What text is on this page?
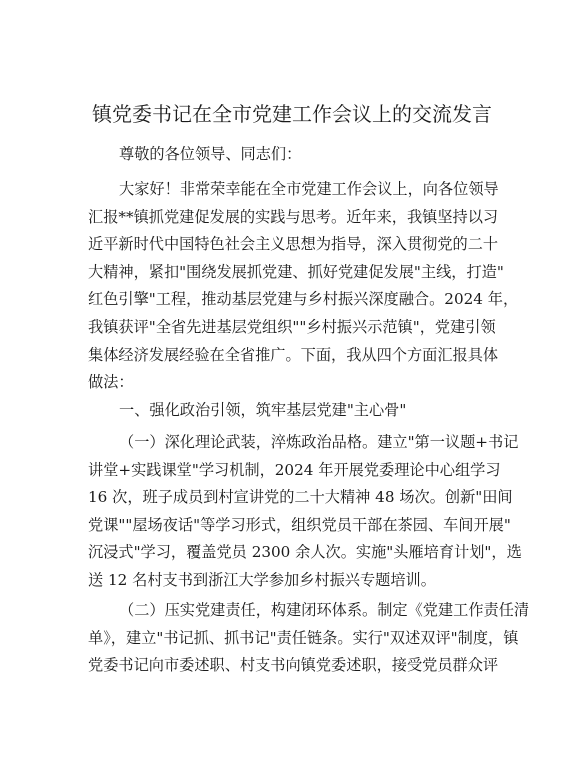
镇党委书记在全市党建工作会议上的交流发言
尊敬的各位领导、同志们：
大家好！非常荣幸能在全市党建工作会议上，向各位领导
汇报**镇抓党建促发展的实践与思考。近年来，我镇坚持以习
近平新时代中国特色社会主义思想为指导，深入贯彻党的二十
大精神，紧扣"围绕发展抓党建、抓好党建促发展"主线，打造"
红色引擎"工程，推动基层党建与乡村振兴深度融合。2024 年，
我镇获评"全省先进基层党组织""乡村振兴示范镇"，党建引领
集体经济发展经验在全省推广。下面，我从四个方面汇报具体
做法：
一、强化政治引领，筑牢基层党建"主心骨"
（一）深化理论武装，淬炼政治品格。建立"第一议题+书记
讲堂+实践课堂"学习机制，2024 年开展党委理论中心组学习
16 次，班子成员到村宣讲党的二十大精神 48 场次。创新"田间
党课""屋场夜话"等学习形式，组织党员干部在茶园、车间开展"
沉浸式"学习，覆盖党员 2300 余人次。实施"头雁培育计划"，选
送 12 名村支书到浙江大学参加乡村振兴专题培训。
（二）压实党建责任，构建闭环体系。制定《党建工作责任清
单》，建立"书记抓、抓书记"责任链条。实行"双述双评"制度，镇
党委书记向市委述职、村支书向镇党委述职，接受党员群众评
